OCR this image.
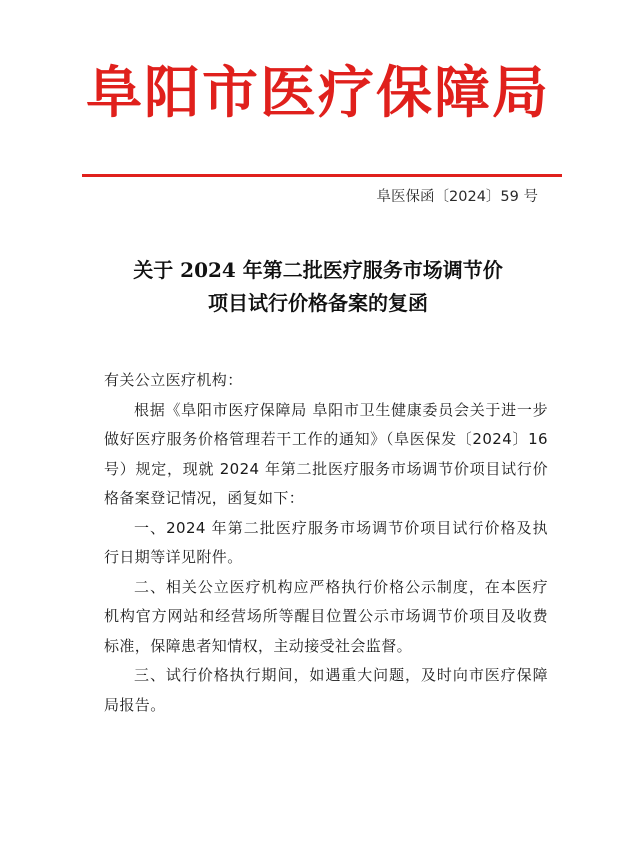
阜阳市医疗保障局
阜医保函〔2024〕59 号
关于 2024 年第二批医疗服务市场调节价
项目试行价格备案的复函

有关公立医疗机构：

根据《阜阳市医疗保障局 阜阳市卫生健康委员会关于进一步做好医疗服务价格管理若干工作的通知》（阜医保发〔2024〕16 号）规定，现就 2024 年第二批医疗服务市场调节价项目试行价格备案登记情况，函复如下：

一、2024 年第二批医疗服务市场调节价项目试行价格及执行日期等详见附件。

二、相关公立医疗机构应严格执行价格公示制度，在本医疗机构官方网站和经营场所等醒目位置公示市场调节价项目及收费标准，保障患者知情权，主动接受社会监督。

三、试行价格执行期间，如遇重大问题，及时向市医疗保障局报告。
